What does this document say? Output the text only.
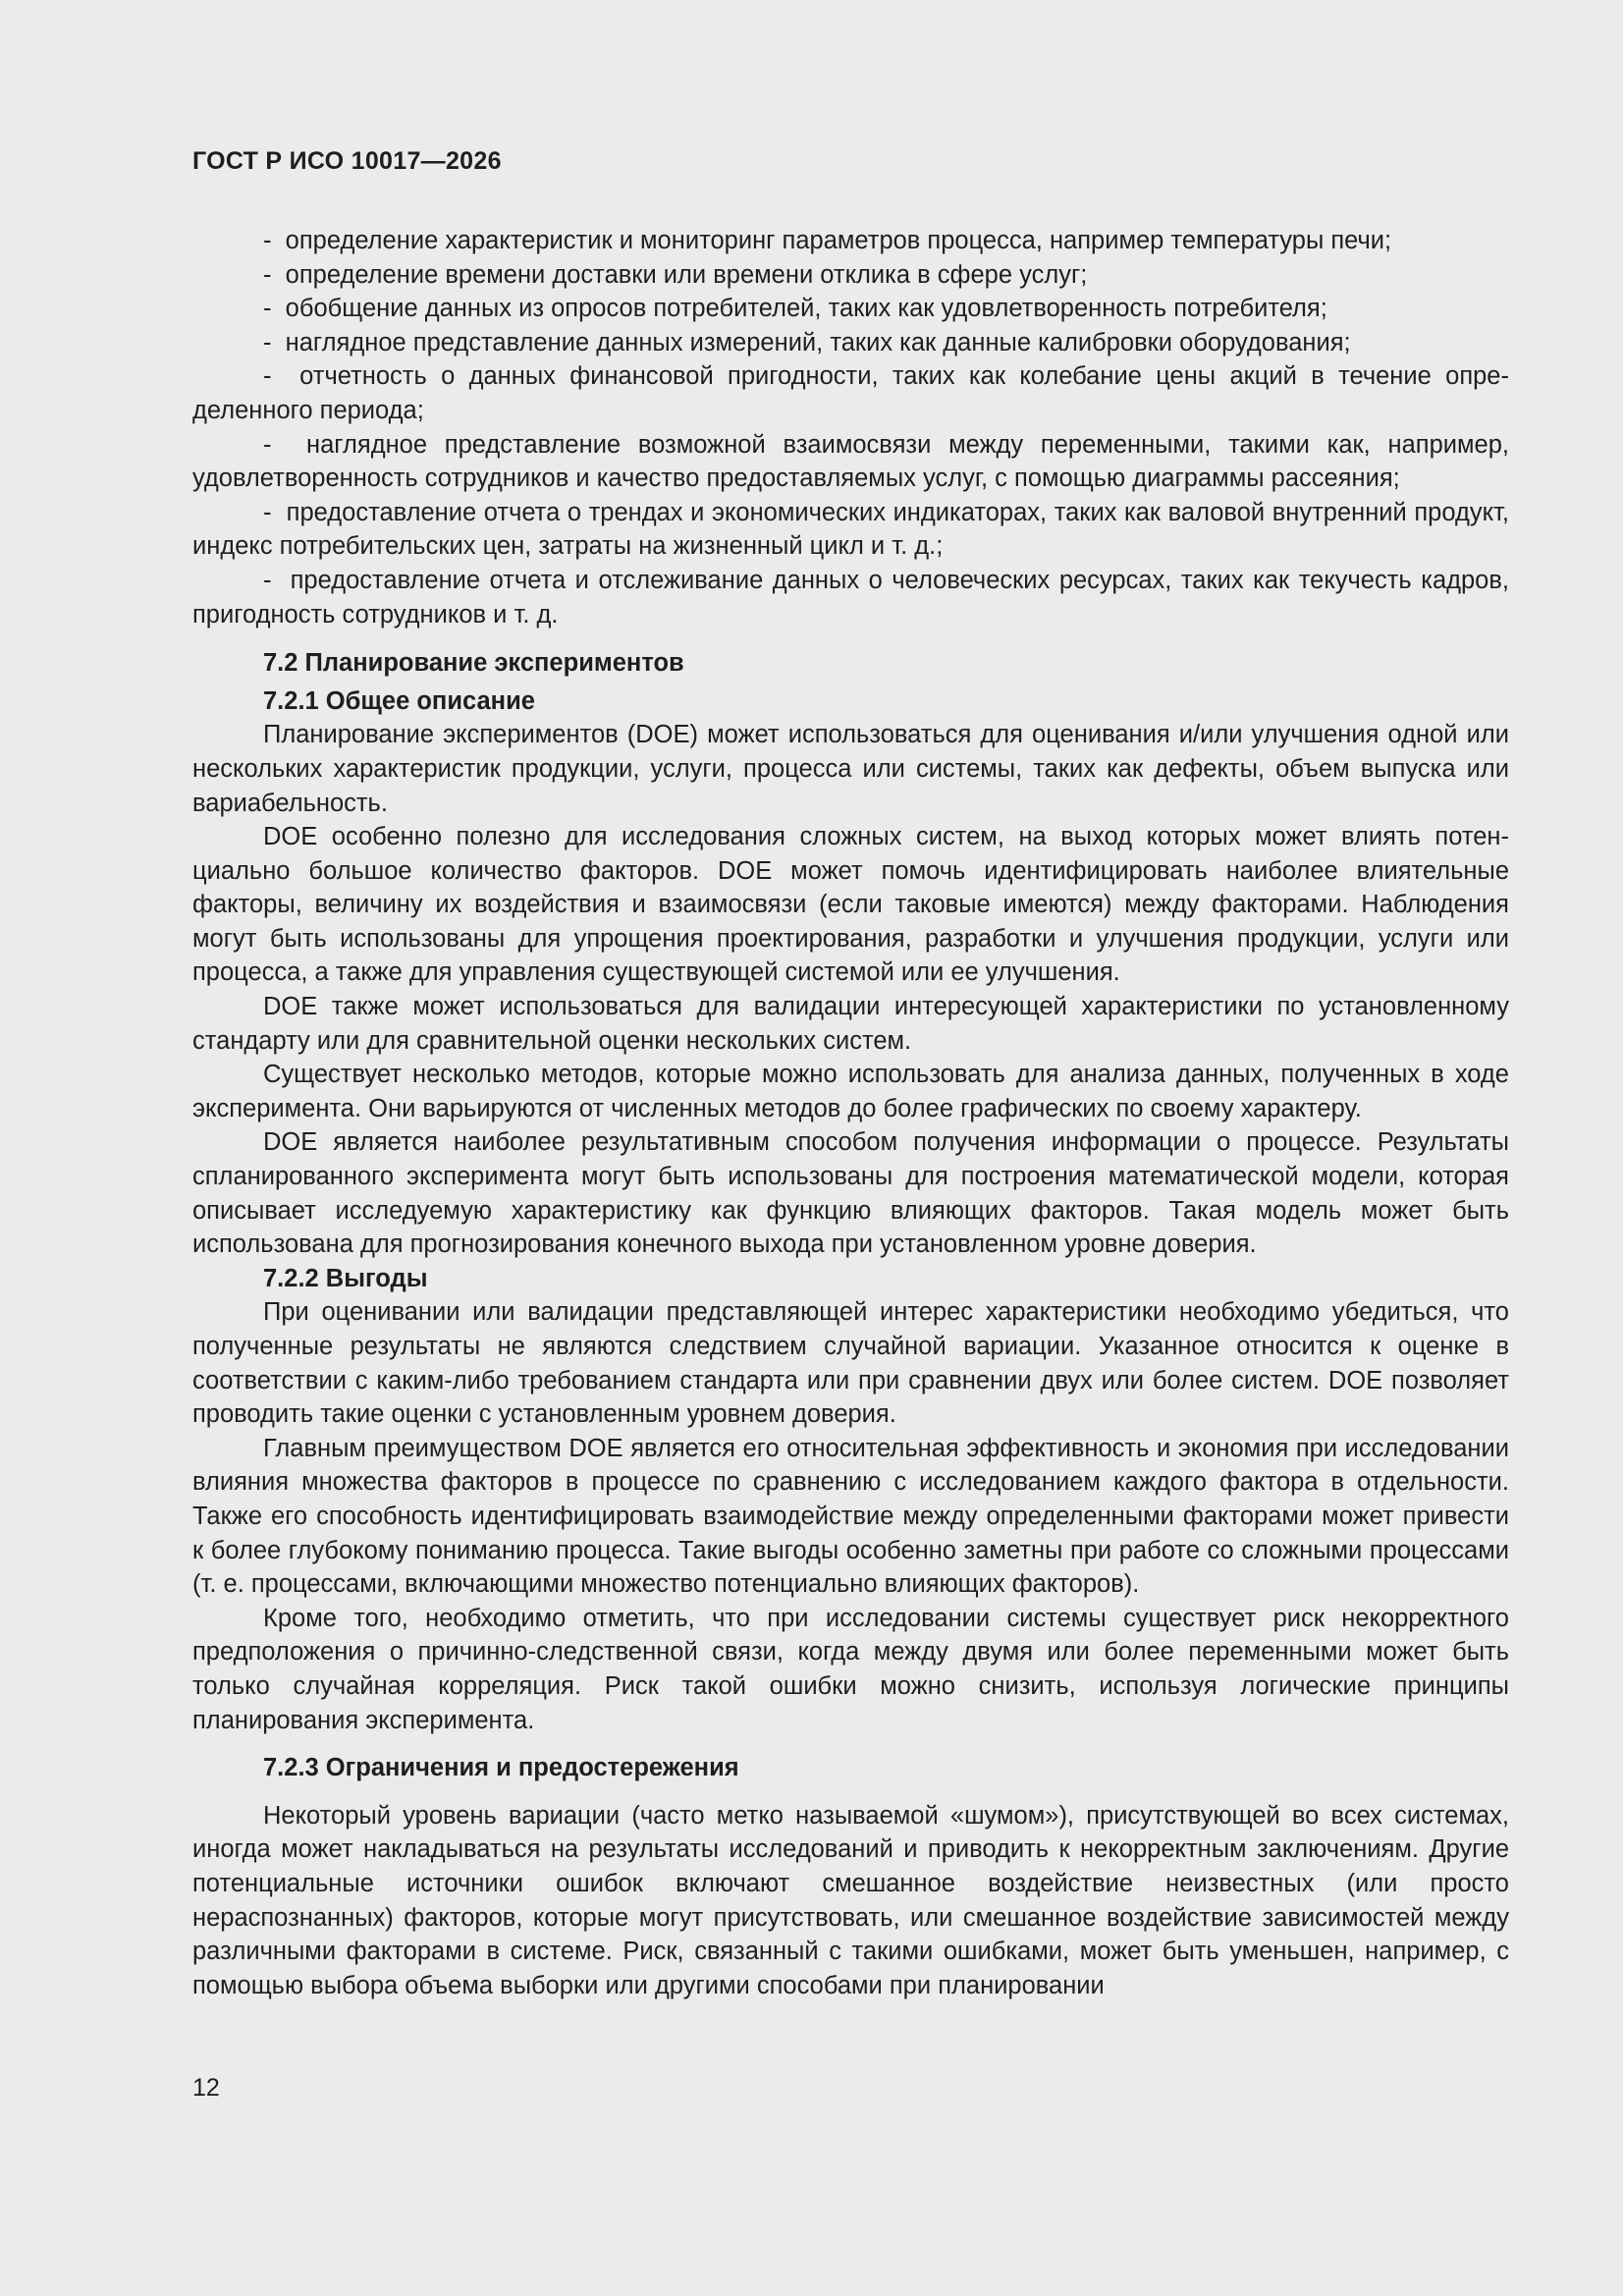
ГОСТ Р ИСО 10017—2026

-  определение характеристик и мониторинг параметров процесса, например температуры печи;

-  определение времени доставки или времени отклика в сфере услуг;

-  обобщение данных из опросов потребителей, таких как удовлетворенность потребителя;

-  наглядное представление данных измерений, таких как данные калибровки оборудования;

-  отчетность о данных финансовой пригодности, таких как колебание цены акций в течение определенного периода;

-  наглядное представление возможной взаимосвязи между переменными, такими как, например, удовлетворенность сотрудников и качество предоставляемых услуг, с помощью диаграммы рассеяния;

-  предоставление отчета о трендах и экономических индикаторах, таких как валовой внутренний продукт, индекс потребительских цен, затраты на жизненный цикл и т. д.;

-  предоставление отчета и отслеживание данных о человеческих ресурсах, таких как текучесть кадров, пригодность сотрудников и т. д.

7.2 Планирование экспериментов
7.2.1 Общее описание

Планирование экспериментов (DOE) может использоваться для оценивания и/или улучшения одной или нескольких характеристик продукции, услуги, процесса или системы, таких как дефекты, объем выпуска или вариабельность.

DOE особенно полезно для исследования сложных систем, на выход которых может влиять потенциально большое количество факторов. DOE может помочь идентифицировать наиболее влиятельные факторы, величину их воздействия и взаимосвязи (если таковые имеются) между факторами. Наблюдения могут быть использованы для упрощения проектирования, разработки и улучшения продукции, услуги или процесса, а также для управления существующей системой или ее улучшения.

DOE также может использоваться для валидации интересующей характеристики по установленному стандарту или для сравнительной оценки нескольких систем.

Существует несколько методов, которые можно использовать для анализа данных, полученных в ходе эксперимента. Они варьируются от численных методов до более графических по своему характеру.

DOE является наиболее результативным способом получения информации о процессе. Результаты спланированного эксперимента могут быть использованы для построения математической модели, которая описывает исследуемую характеристику как функцию влияющих факторов. Такая модель может быть использована для прогнозирования конечного выхода при установленном уровне доверия.

7.2.2 Выгоды

При оценивании или валидации представляющей интерес характеристики необходимо убедиться, что полученные результаты не являются следствием случайной вариации. Указанное относится к оценке в соответствии с каким-либо требованием стандарта или при сравнении двух или более систем. DOE позволяет проводить такие оценки с установленным уровнем доверия.

Главным преимуществом DOE является его относительная эффективность и экономия при исследовании влияния множества факторов в процессе по сравнению с исследованием каждого фактора в отдельности. Также его способность идентифицировать взаимодействие между определенными факторами может привести к более глубокому пониманию процесса. Такие выгоды особенно заметны при работе со сложными процессами (т. е. процессами, включающими множество потенциально влияющих факторов).

Кроме того, необходимо отметить, что при исследовании системы существует риск некорректного предположения о причинно-следственной связи, когда между двумя или более переменными может быть только случайная корреляция. Риск такой ошибки можно снизить, используя логические принципы планирования эксперимента.

7.2.3 Ограничения и предостережения

Некоторый уровень вариации (часто метко называемой «шумом»), присутствующей во всех системах, иногда может накладываться на результаты исследований и приводить к некорректным заключениям. Другие потенциальные источники ошибок включают смешанное воздействие неизвестных (или просто нераспознанных) факторов, которые могут присутствовать, или смешанное воздействие зависимостей между различными факторами в системе. Риск, связанный с такими ошибками, может быть уменьшен, например, с помощью выбора объема выборки или другими способами при планировании

12
